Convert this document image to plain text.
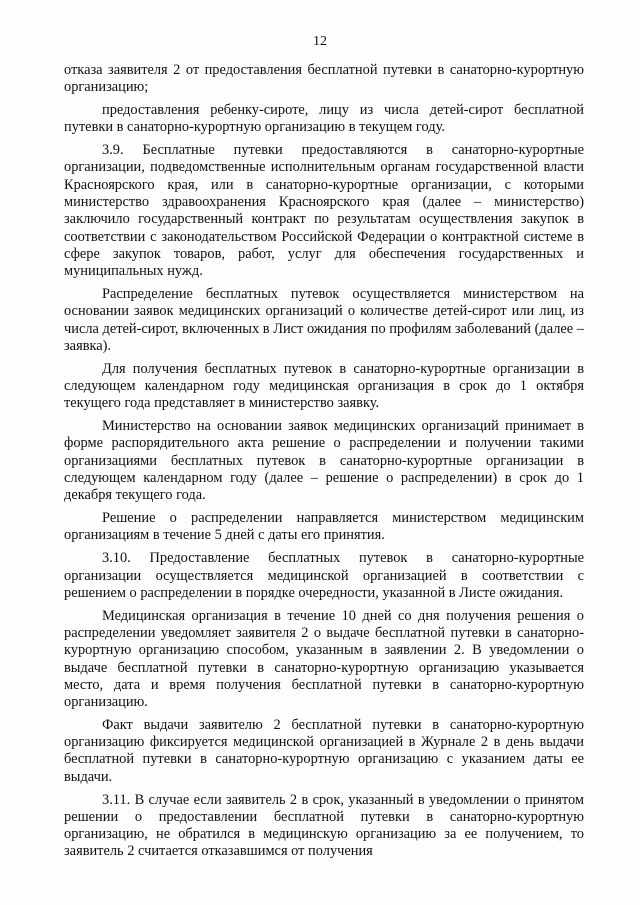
12

отказа заявителя 2 от предоставления бесплатной путевки в санаторно-курортную организацию;

предоставления ребенку-сироте, лицу из числа детей-сирот бесплатной путевки в санаторно-курортную организацию в текущем году.

3.9. Бесплатные путевки предоставляются в санаторно-курортные организации, подведомственные исполнительным органам государственной власти Красноярского края, или в санаторно-курортные организации, с которыми министерство здравоохранения Красноярского края (далее – министерство) заключило государственный контракт по результатам осуществления закупок в соответствии с законодательством Российской Федерации о контрактной системе в сфере закупок товаров, работ, услуг для обеспечения государственных и муниципальных нужд.

Распределение бесплатных путевок осуществляется министерством на основании заявок медицинских организаций о количестве детей-сирот или лиц, из числа детей-сирот, включенных в Лист ожидания по профилям заболеваний (далее – заявка).

Для получения бесплатных путевок в санаторно-курортные организации в следующем календарном году медицинская организация в срок до 1 октября текущего года представляет в министерство заявку.

Министерство на основании заявок медицинских организаций принимает в форме распорядительного акта решение о распределении и получении такими организациями бесплатных путевок в санаторно-курортные организации в следующем календарном году (далее – решение о распределении) в срок до 1 декабря текущего года.

Решение о распределении направляется министерством медицинским организациям в течение 5 дней с даты его принятия.

3.10. Предоставление бесплатных путевок в санаторно-курортные организации осуществляется медицинской организацией в соответствии с решением о распределении в порядке очередности, указанной в Листе ожидания.

Медицинская организация в течение 10 дней со дня получения решения о распределении уведомляет заявителя 2 о выдаче бесплатной путевки в санаторно-курортную организацию способом, указанным в заявлении 2. В уведомлении о выдаче бесплатной путевки в санаторно-курортную организацию указывается место, дата и время получения бесплатной путевки в санаторно-курортную организацию.

Факт выдачи заявителю 2 бесплатной путевки в санаторно-курортную организацию фиксируется медицинской организацией в Журнале 2 в день выдачи бесплатной путевки в санаторно-курортную организацию с указанием даты ее выдачи.

3.11. В случае если заявитель 2 в срок, указанный в уведомлении о принятом решении о предоставлении бесплатной путевки в санаторно-курортную организацию, не обратился в медицинскую организацию за ее получением, то заявитель 2 считается отказавшимся от получения
